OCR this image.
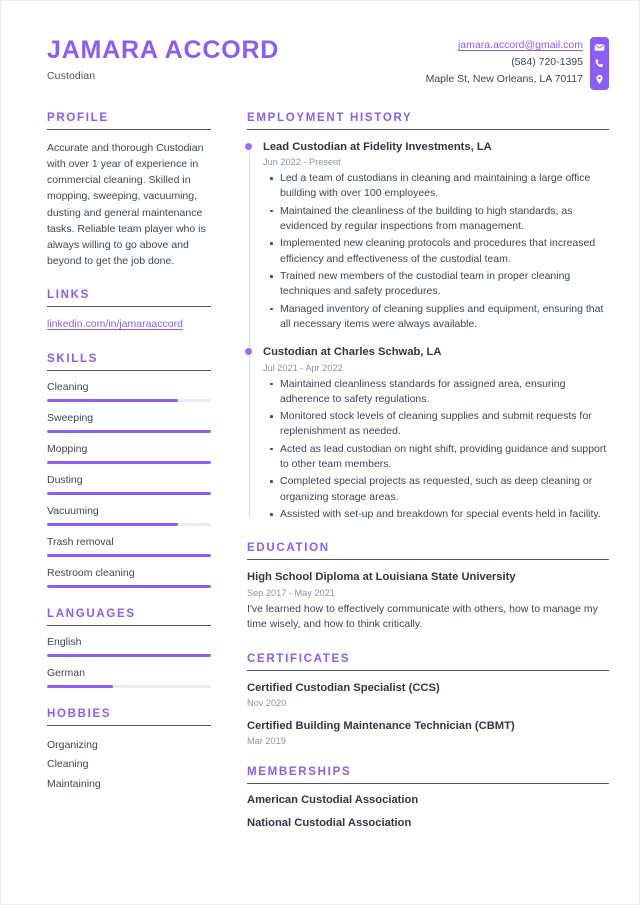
JAMARA ACCORD
Custodian
jamara.accord@gmail.com
(584) 720-1395
Maple St, New Orleans, LA 70117
PROFILE
Accurate and thorough Custodian with over 1 year of experience in commercial cleaning. Skilled in mopping, sweeping, vacuuming, dusting and general maintenance tasks. Reliable team player who is always willing to go above and beyond to get the job done.
LINKS
linkedin.com/in/jamaraaccord
SKILLS
Cleaning
Sweeping
Mopping
Dusting
Vacuuming
Trash removal
Restroom cleaning
LANGUAGES
English
German
HOBBIES
Organizing
Cleaning
Maintaining
EMPLOYMENT HISTORY
Lead Custodian at Fidelity Investments, LA
Jun 2022 - Present
Led a team of custodians in cleaning and maintaining a large office building with over 100 employees.
Maintained the cleanliness of the building to high standards, as evidenced by regular inspections from management.
Implemented new cleaning protocols and procedures that increased efficiency and effectiveness of the custodial team.
Trained new members of the custodial team in proper cleaning techniques and safety procedures.
Managed inventory of cleaning supplies and equipment, ensuring that all necessary items were always available.
Custodian at Charles Schwab, LA
Jul 2021 - Apr 2022
Maintained cleanliness standards for assigned area, ensuring adherence to safety regulations.
Monitored stock levels of cleaning supplies and submit requests for replenishment as needed.
Acted as lead custodian on night shift, providing guidance and support to other team members.
Completed special projects as requested, such as deep cleaning or organizing storage areas.
Assisted with set-up and breakdown for special events held in facility.
EDUCATION
High School Diploma at Louisiana State University
Sep 2017 - May 2021
I've learned how to effectively communicate with others, how to manage my time wisely, and how to think critically.
CERTIFICATES
Certified Custodian Specialist (CCS)
Nov 2020
Certified Building Maintenance Technician (CBMT)
Mar 2019
MEMBERSHIPS
American Custodial Association
National Custodial Association
